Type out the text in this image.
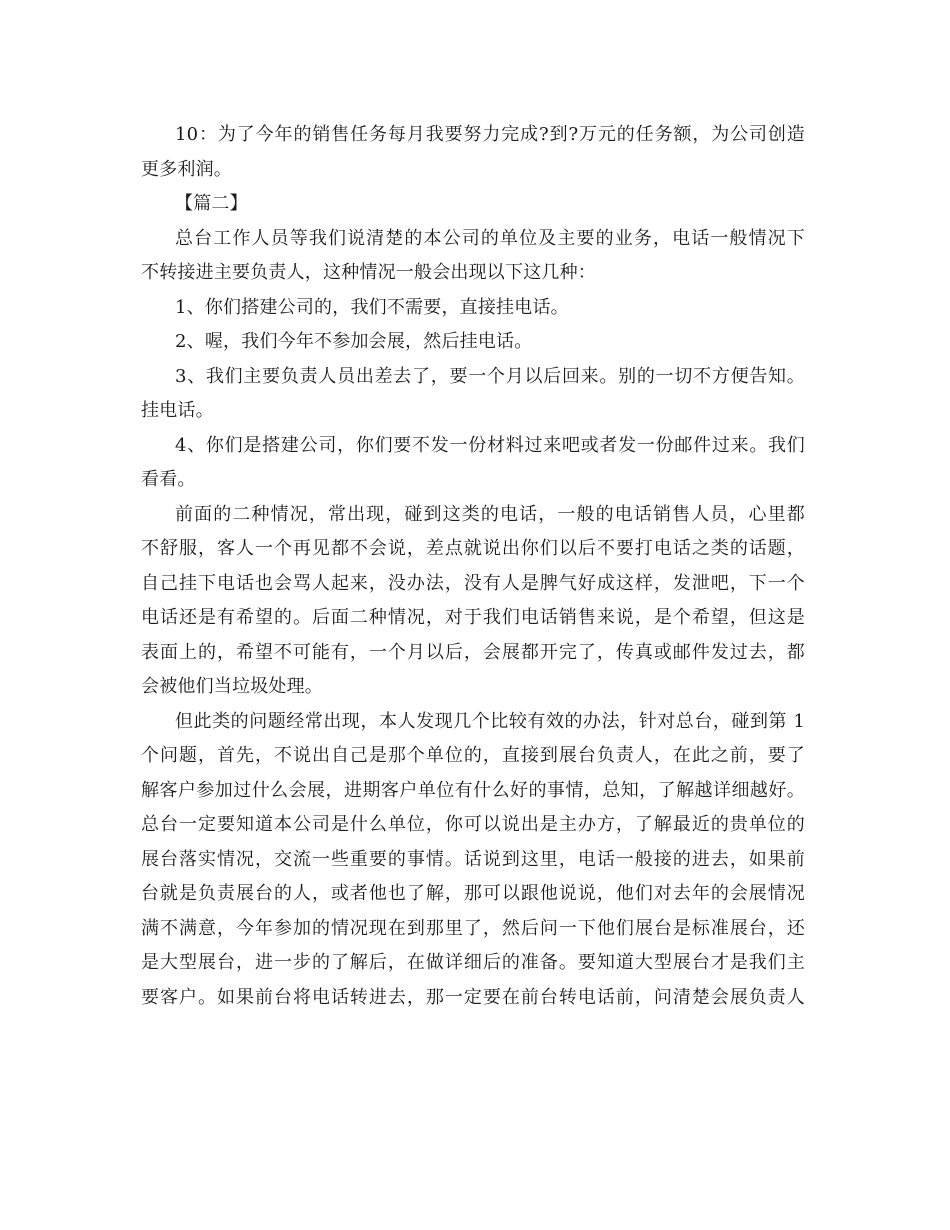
10：为了今年的销售任务每月我要努力完成?到?万元的任务额，为公司创造
更多利润。
【篇二】
总台工作人员等我们说清楚的本公司的单位及主要的业务，电话一般情况下
不转接进主要负责人，这种情况一般会出现以下这几种：
1、你们搭建公司的，我们不需要，直接挂电话。
2、喔，我们今年不参加会展，然后挂电话。
3、我们主要负责人员出差去了，要一个月以后回来。别的一切不方便告知。
挂电话。
4、你们是搭建公司，你们要不发一份材料过来吧或者发一份邮件过来。我们
看看。
前面的二种情况，常出现，碰到这类的电话，一般的电话销售人员，心里都
不舒服，客人一个再见都不会说，差点就说出你们以后不要打电话之类的话题，
自己挂下电话也会骂人起来，没办法，没有人是脾气好成这样，发泄吧，下一个
电话还是有希望的。后面二种情况，对于我们电话销售来说，是个希望，但这是
表面上的，希望不可能有，一个月以后，会展都开完了，传真或邮件发过去，都
会被他们当垃圾处理。
但此类的问题经常出现，本人发现几个比较有效的办法，针对总台，碰到第 1
个问题，首先，不说出自己是那个单位的，直接到展台负责人，在此之前，要了
解客户参加过什么会展，进期客户单位有什么好的事情，总知，了解越详细越好。
总台一定要知道本公司是什么单位，你可以说出是主办方，了解最近的贵单位的
展台落实情况，交流一些重要的事情。话说到这里，电话一般接的进去，如果前
台就是负责展台的人，或者他也了解，那可以跟他说说，他们对去年的会展情况
满不满意，今年参加的情况现在到那里了，然后问一下他们展台是标准展台，还
是大型展台，进一步的了解后，在做详细后的准备。要知道大型展台才是我们主
要客户。如果前台将电话转进去，那一定要在前台转电话前，问清楚会展负责人
